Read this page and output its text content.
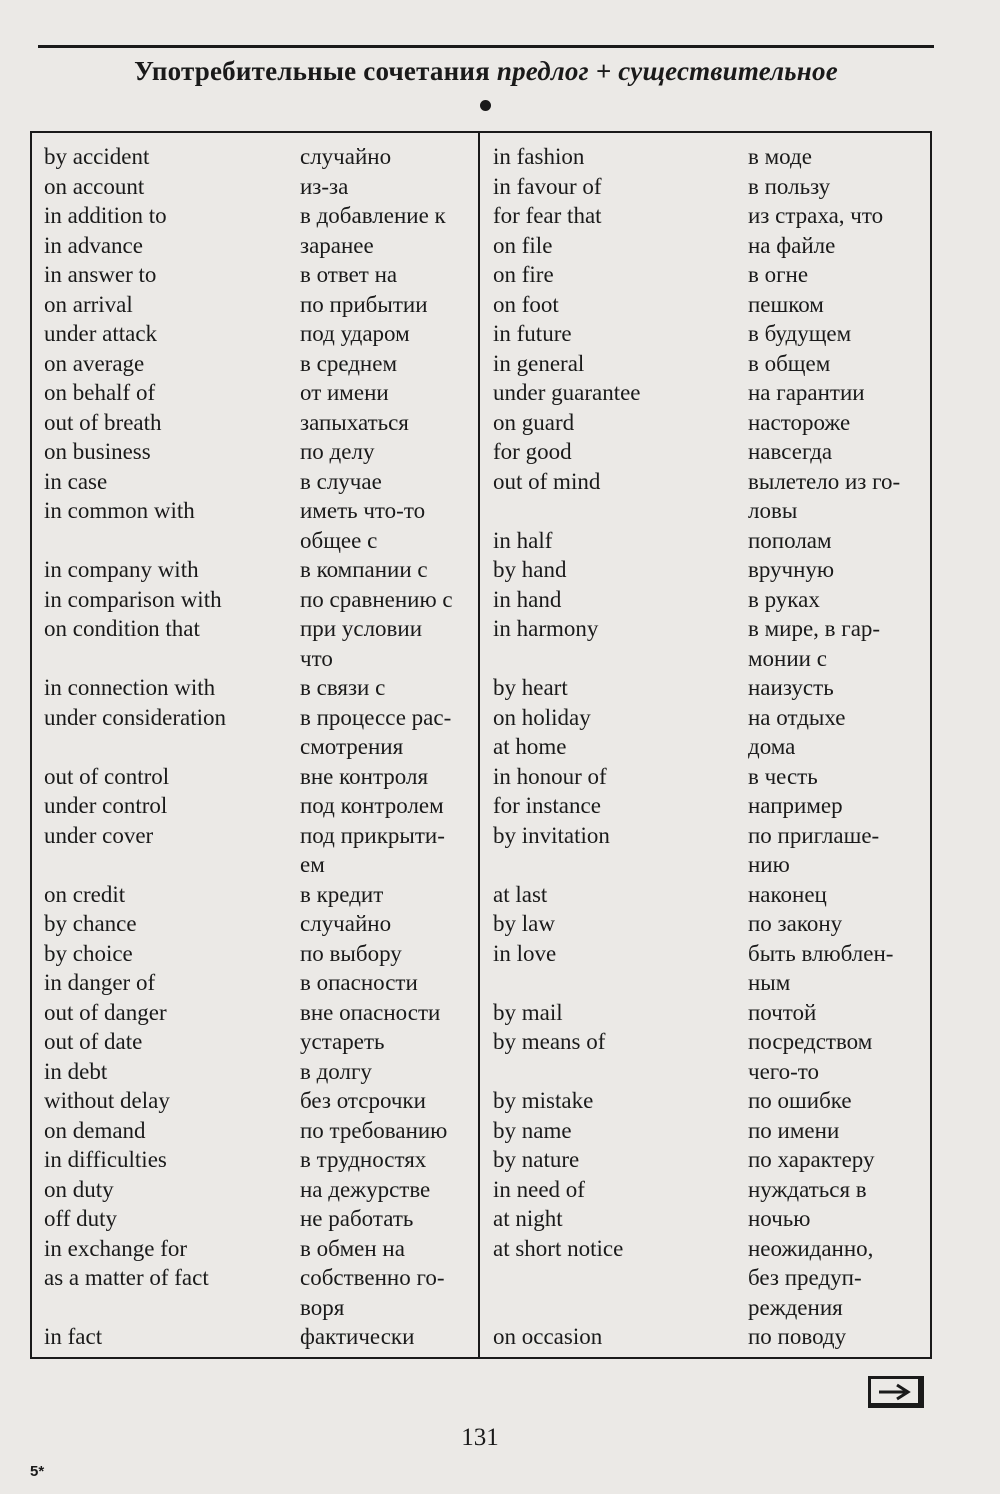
Употребительные сочетания предлог + существительное
by accident	случайно
on account	из-за
in addition to	в добавление к
in advance	заранее
in answer to	в ответ на
on arrival	по прибытии
under attack	под ударом
on average	в среднем
on behalf of	от имени
out of breath	запыхаться
on business	по делу
in case	в случае
in common with	иметь что-то
общее с
in company with	в компании с
in comparison with	по сравнению с
on condition that	при условии
что
in connection with	в связи с
under consideration	в процессе рас-
смотрения
out of control	вне контроля
under control	под контролем
under cover	под прикрыти-
ем
on credit	в кредит
by chance	случайно
by choice	по выбору
in danger of	в опасности
out of danger	вне опасности
out of date	устареть
in debt	в долгу
without delay	без отсрочки
on demand	по требованию
in difficulties	в трудностях
on duty	на дежурстве
off duty	не работать
in exchange for	в обмен на
as a matter of fact	собственно го-
воря
in fact	фактически
in fashion	в моде
in favour of	в пользу
for fear that	из страха, что
on file	на файле
on fire	в огне
on foot	пешком
in future	в будущем
in general	в общем
under guarantee	на гарантии
on guard	настороже
for good	навсегда
out of mind	вылетело из го-
ловы
in half	пополам
by hand	вручную
in hand	в руках
in harmony	в мире, в гар-
монии с
by heart	наизусть
on holiday	на отдыхе
at home	дома
in honour of	в честь
for instance	например
by invitation	по приглаше-
нию
at last	наконец
by law	по закону
in love	быть влюблен-
ным
by mail	почтой
by means of	посредством
чего-то
by mistake	по ошибке
by name	по имени
by nature	по характеру
in need of	нуждаться в
at night	ночью
at short notice	неожиданно,
без предуп-
реждения
on occasion	по поводу
131
5*
